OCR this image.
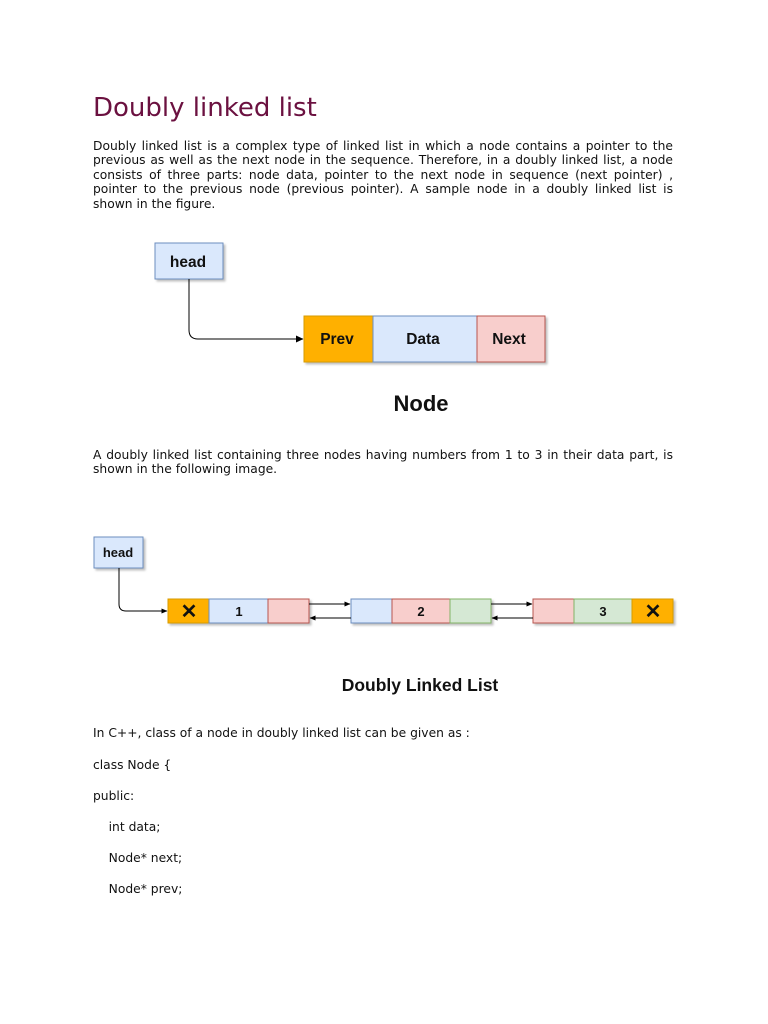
Doubly linked list

Doubly linked list is a complex type of linked list in which a node contains a pointer to the previous as well as the next node in the sequence. Therefore, in a doubly linked list, a node consists of three parts: node data, pointer to the next node in sequence (next pointer) , pointer to the previous node (previous pointer). A sample node in a doubly linked list is shown in the figure.

head
Prev	Data	Next
Node

A doubly linked list containing three nodes having numbers from 1 to 3 in their data part, is shown in the following image.

head
✕	1	2	3 ✕
Doubly Linked List

In C++, class of a node in doubly linked list can be given as :

class Node {

public:

int data;

Node* next;

Node* prev;
